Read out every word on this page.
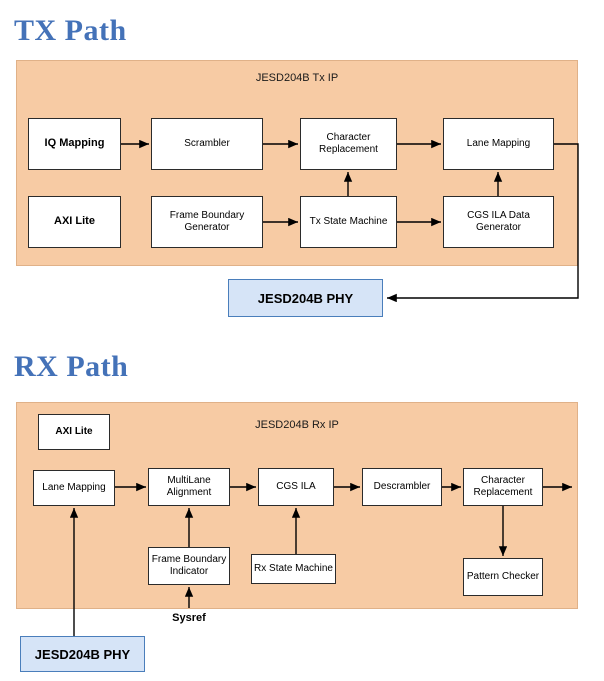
TX Path
JESD204B Tx IP
IQ Mapping	Scrambler
Character Replacement
Lane Mapping
AXI Lite	Frame Boundary Generator
Tx State Machine
CGS ILA Data Generator
JESD204B PHY
RX Path
JESD204B Rx IP
AXI Lite
Lane Mapping
MultiLane Alignment
CGS ILA	Descrambler
Character Replacement
Frame Boundary Indicator	Rx State Machine
Pattern Checker
Sysref
JESD204B PHY
